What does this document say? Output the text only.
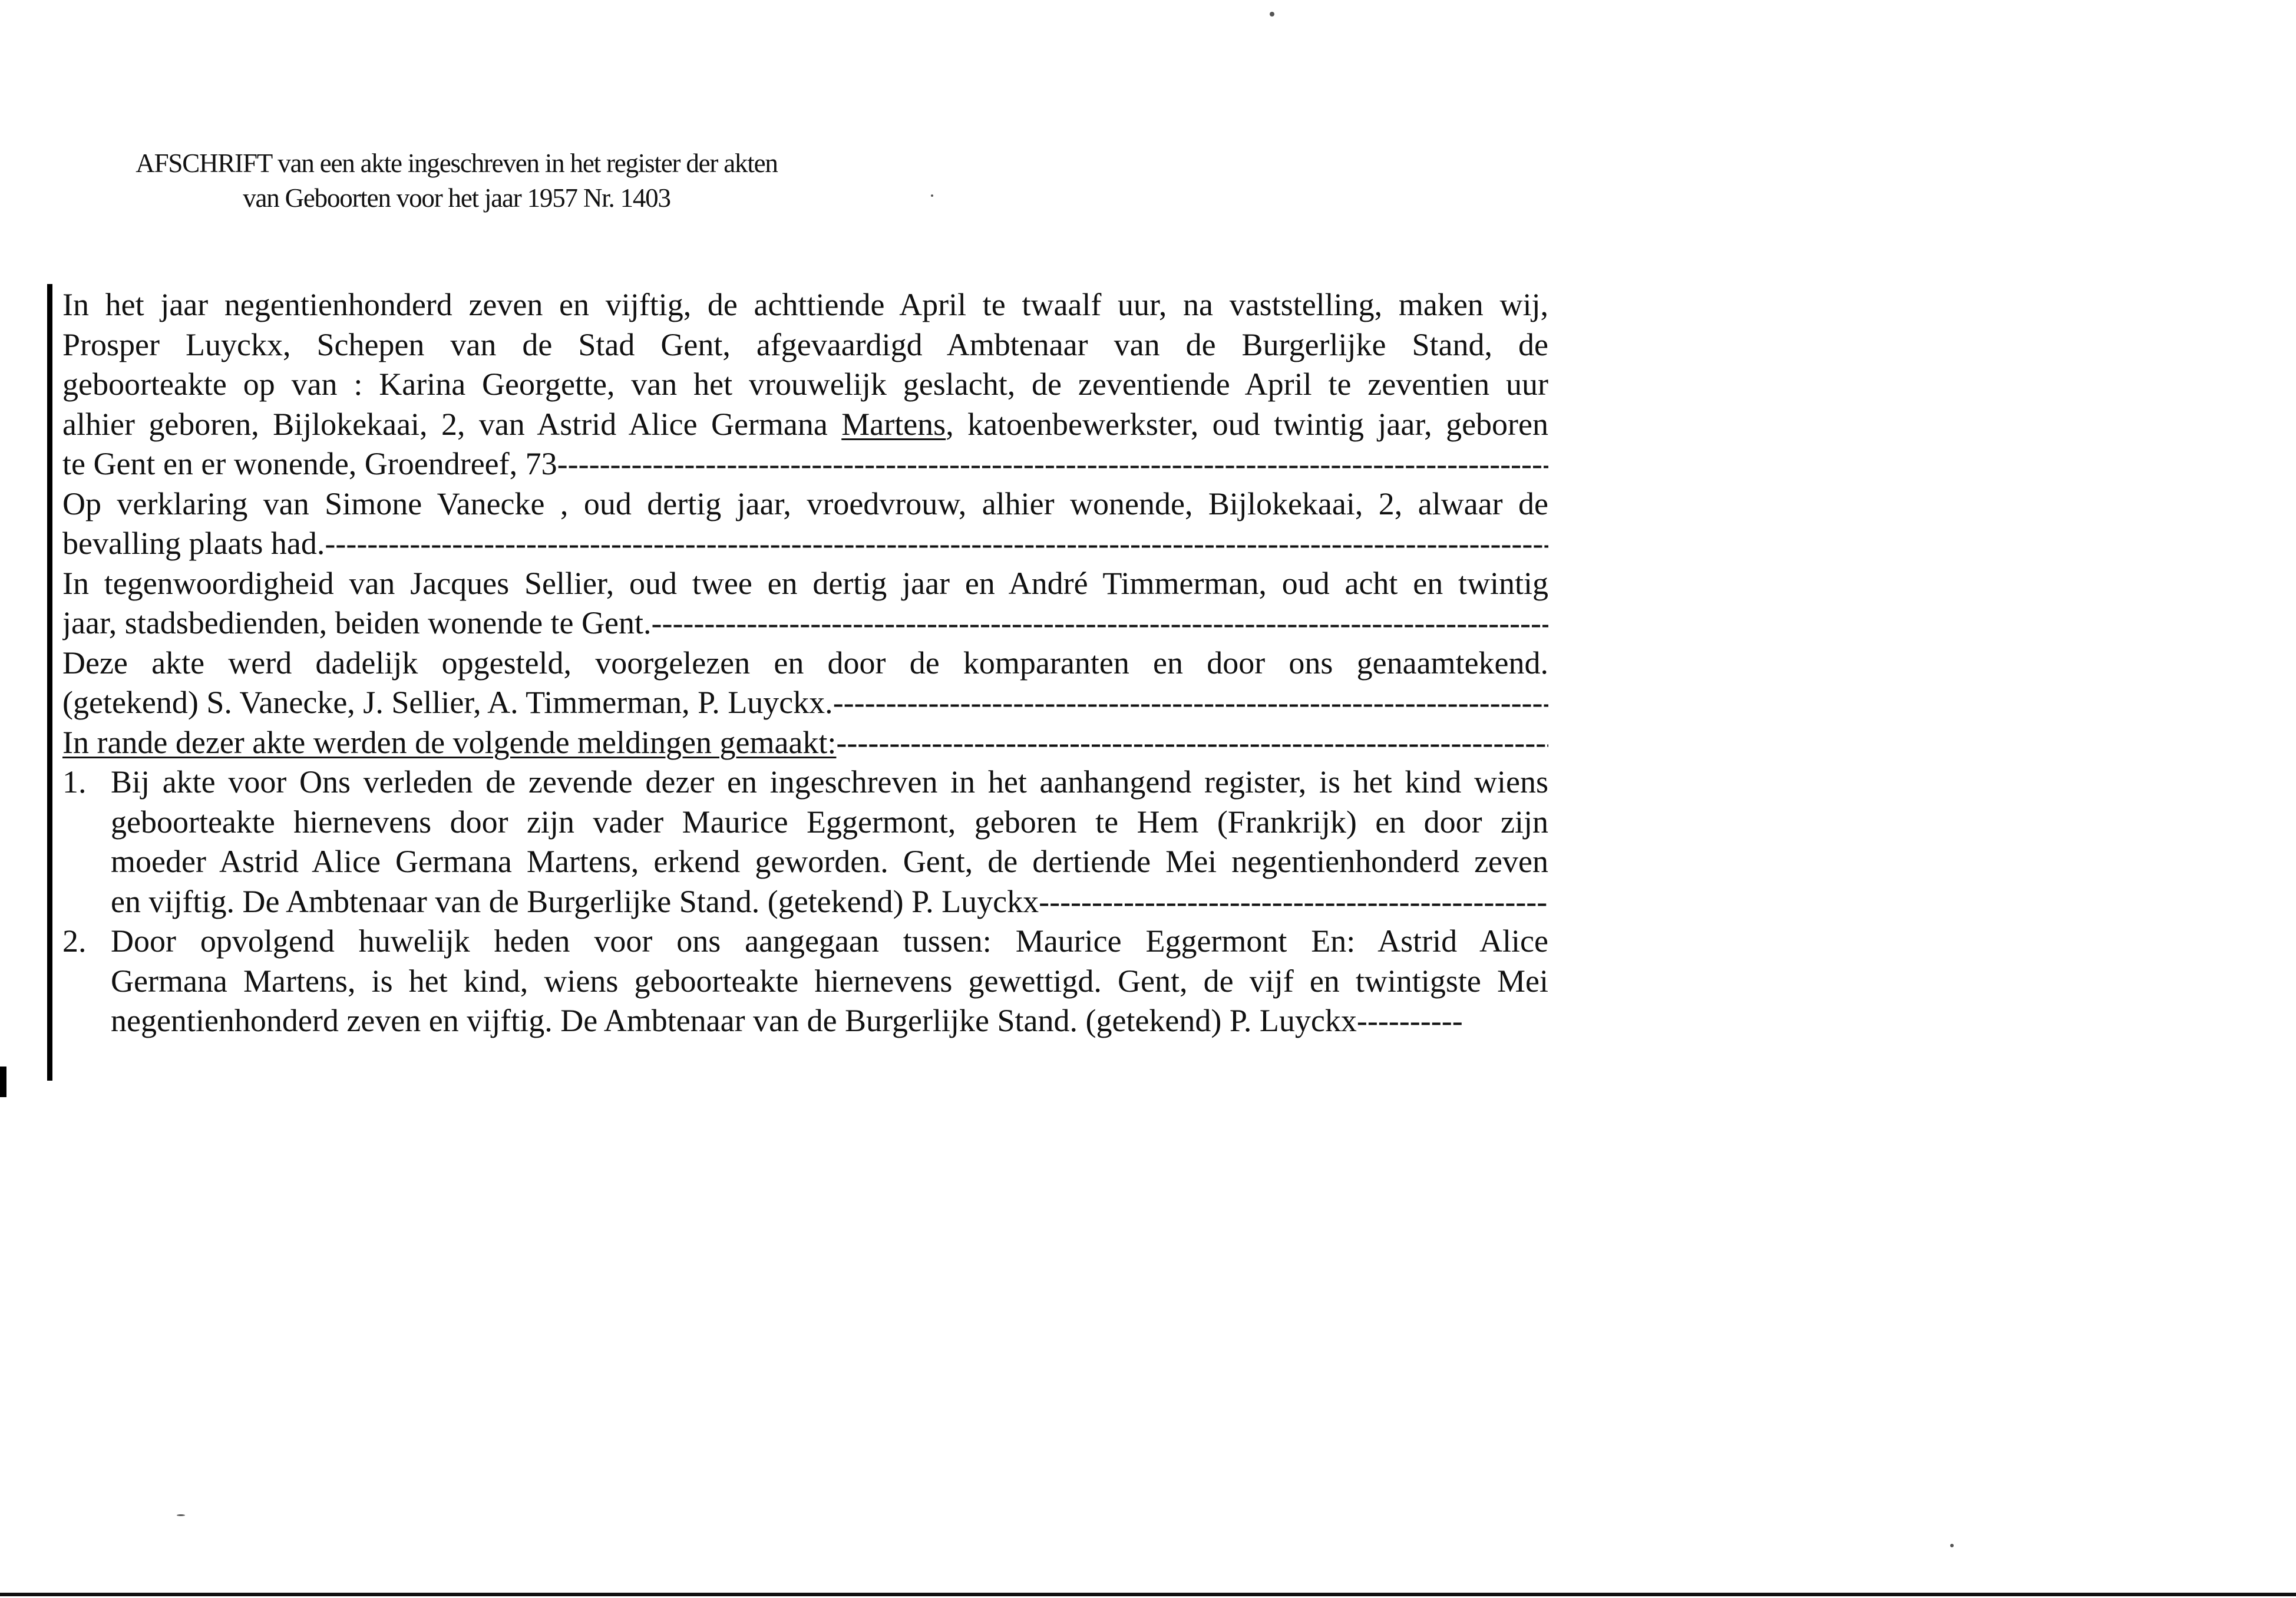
AFSCHRIFT van een akte ingeschreven in het register der akten
van Geboorten voor het jaar 1957 Nr. 1403
In het jaar negentienhonderd zeven en vijftig, de achttiende April te twaalf uur, na vaststelling, maken wij,
Prosper Luyckx, Schepen van de Stad Gent, afgevaardigd Ambtenaar van de Burgerlijke Stand, de
geboorteakte op van : Karina Georgette, van het vrouwelijk geslacht, de zeventiende April te zeventien uur
alhier geboren, Bijlokekaai, 2, van Astrid Alice Germana Martens, katoenbewerkster, oud twintig jaar, geboren
te Gent en er wonende, Groendreef, 73 -----
Op verklaring van Simone Vanecke , oud dertig jaar, vroedvrouw, alhier wonende, Bijlokekaai, 2, alwaar de
bevalling plaats had. -----
In tegenwoordigheid van Jacques Sellier, oud twee en dertig jaar en André Timmerman, oud acht en twintig
jaar, stadsbedienden, beiden wonende te Gent. -----
Deze akte werd dadelijk opgesteld, voorgelezen en door de komparanten en door ons genaamtekend.
(getekend) S. Vanecke, J. Sellier, A. Timmerman, P. Luyckx. -----
In rande dezer akte werden de volgende meldingen gemaakt: -----
1. Bij akte voor Ons verleden de zevende dezer en ingeschreven in het aanhangend register, is het kind wiens
geboorteakte hiernevens door zijn vader Maurice Eggermont, geboren te Hem (Frankrijk) en door zijn
moeder Astrid Alice Germana Martens, erkend geworden. Gent, de dertiende Mei negentienhonderd zeven
en vijftig. De Ambtenaar van de Burgerlijke Stand. (getekend) P. Luyckx -----
2. Door opvolgend huwelijk heden voor ons aangegaan tussen: Maurice Eggermont En: Astrid Alice
Germana Martens, is het kind, wiens geboorteakte hiernevens gewettigd. Gent, de vijf en twintigste Mei
negentienhonderd zeven en vijftig. De Ambtenaar van de Burgerlijke Stand. (getekend) P. Luyckx----------
